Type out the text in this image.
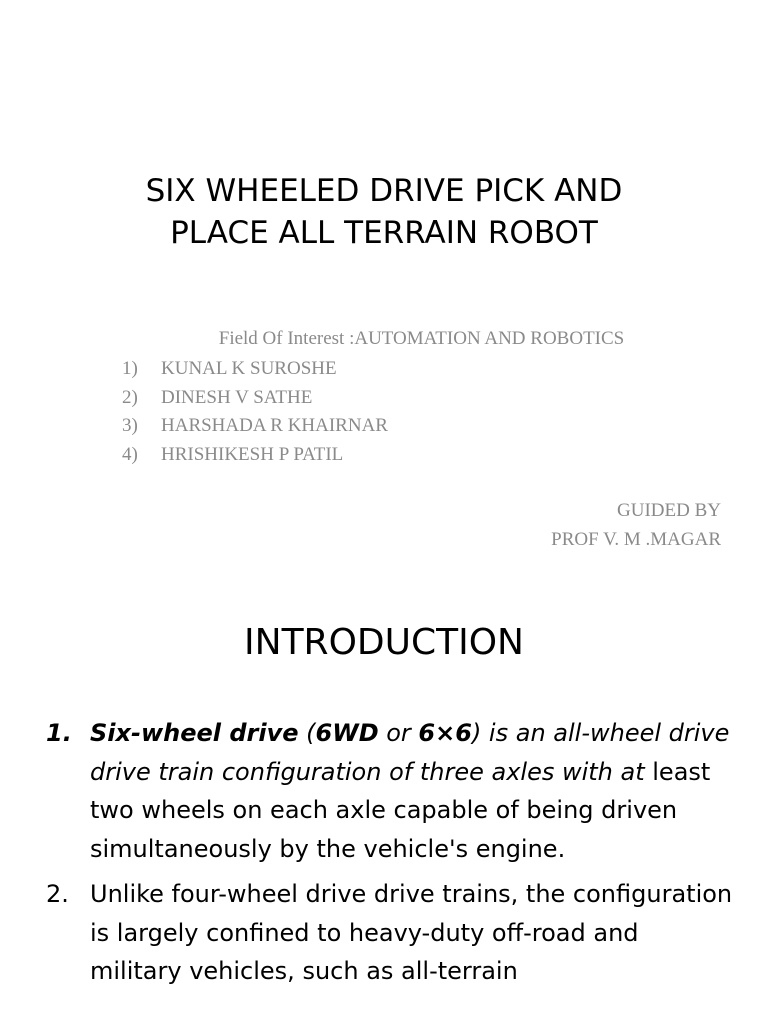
SIX WHEELED DRIVE PICK AND
PLACE ALL TERRAIN ROBOT
Field Of Interest :AUTOMATION AND ROBOTICS
1) KUNAL K SUROSHE
2) DINESH V SATHE
3) HARSHADA R KHAIRNAR
4) HRISHIKESH P PATIL
GUIDED BY
PROF V. M .MAGAR
INTRODUCTION
1. Six-wheel drive (6WD or 6×6) is an all-wheel drive drive train configuration of three axles with at least two wheels on each axle capable of being driven simultaneously by the vehicle's engine.
2. Unlike four-wheel drive drive trains, the configuration is largely confined to heavy-duty off-road and military vehicles, such as all-terrain
